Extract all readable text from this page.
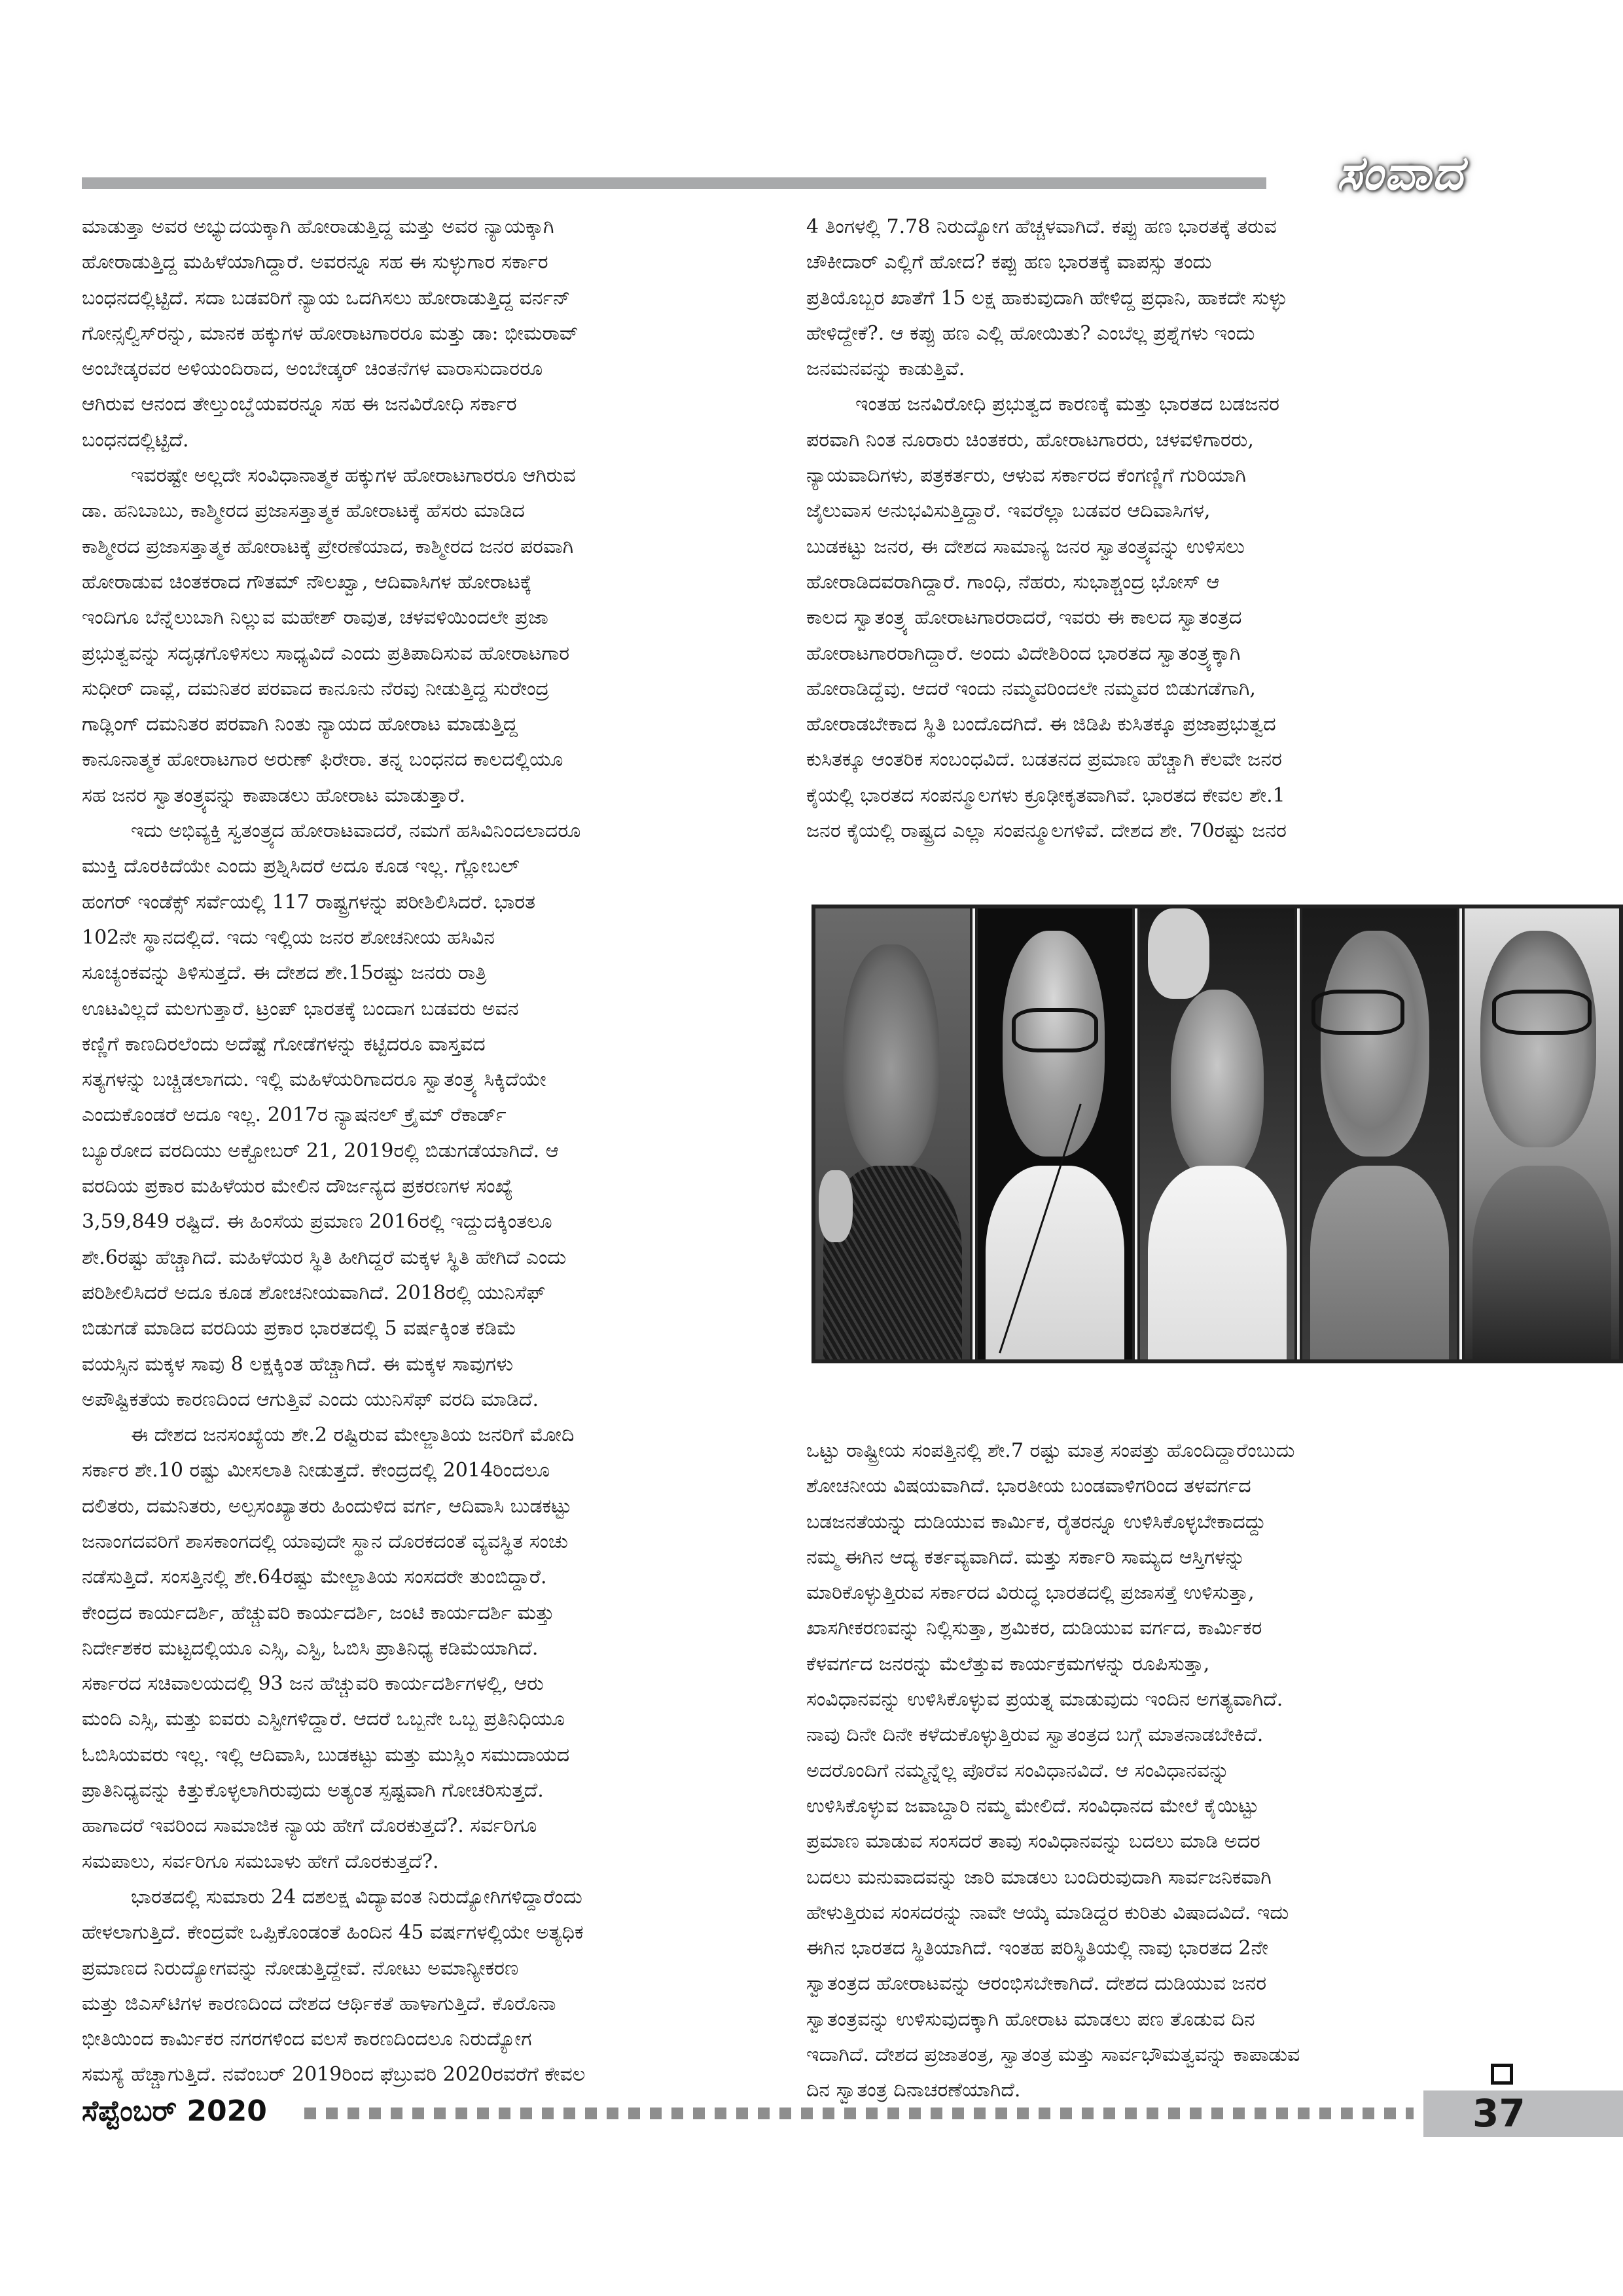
ಸಂವಾದ

ಮಾಡುತ್ತಾ ಅವರ ಅಭ್ಯುದಯಕ್ಕಾಗಿ ಹೋರಾಡುತ್ತಿದ್ದ ಮತ್ತು ಅವರ ನ್ಯಾಯಕ್ಕಾಗಿ
ಹೋರಾಡುತ್ತಿದ್ದ ಮಹಿಳೆಯಾಗಿದ್ದಾರೆ. ಅವರನ್ನೂ ಸಹ ಈ ಸುಳ್ಳುಗಾರ ಸರ್ಕಾರ
ಬಂಧನದಲ್ಲಿಟ್ಟಿದೆ. ಸದಾ ಬಡವರಿಗೆ ನ್ಯಾಯ ಒದಗಿಸಲು ಹೋರಾಡುತ್ತಿದ್ದ ವರ್ನನ್
ಗೋನ್ಸಲ್ವಿಸ್‌ರನ್ನು, ಮಾನಕ ಹಕ್ಕುಗಳ ಹೋರಾಟಗಾರರೂ ಮತ್ತು ಡಾ: ಭೀಮರಾವ್
ಅಂಬೇಡ್ಕರವರ ಅಳಿಯಂದಿರಾದ, ಅಂಬೇಡ್ಕರ್ ಚಿಂತನೆಗಳ ವಾರಾಸುದಾರರೂ
ಆಗಿರುವ ಆನಂದ ತೇಲ್ತುಂಬ್ಡೆಯವರನ್ನೂ ಸಹ ಈ ಜನವಿರೋಧಿ ಸರ್ಕಾರ
ಬಂಧನದಲ್ಲಿಟ್ಟಿದೆ.

ಇವರಷ್ಟೇ ಅಲ್ಲದೇ ಸಂವಿಧಾನಾತ್ಮಕ ಹಕ್ಕುಗಳ ಹೋರಾಟಗಾರರೂ ಆಗಿರುವ
ಡಾ. ಹನಿಬಾಬು, ಕಾಶ್ಮೀರದ ಪ್ರಜಾಸತ್ತಾತ್ಮಕ ಹೋರಾಟಕ್ಕೆ ಹೆಸರು ಮಾಡಿದ
ಕಾಶ್ಮೀರದ ಪ್ರಜಾಸತ್ತಾತ್ಮಕ ಹೋರಾಟಕ್ಕೆ ಪ್ರೇರಣೆಯಾದ, ಕಾಶ್ಮೀರದ ಜನರ ಪರವಾಗಿ
ಹೋರಾಡುವ ಚಿಂತಕರಾದ ಗೌತಮ್ ನೌಲಖ್ವಾ, ಆದಿವಾಸಿಗಳ ಹೋರಾಟಕ್ಕೆ
ಇಂದಿಗೂ ಬೆನ್ನೆಲುಬಾಗಿ ನಿಲ್ಲುವ ಮಹೇಶ್ ರಾವುತ, ಚಳವಳಿಯಿಂದಲೇ ಪ್ರಜಾ
ಪ್ರಭುತ್ವವನ್ನು ಸದೃಢಗೊಳಿಸಲು ಸಾಧ್ಯವಿದೆ ಎಂದು ಪ್ರತಿಪಾದಿಸುವ ಹೋರಾಟಗಾರ
ಸುಧೀರ್ ದಾವ್ಲೆ, ದಮನಿತರ ಪರವಾದ ಕಾನೂನು ನೆರವು ನೀಡುತ್ತಿದ್ದ ಸುರೇಂದ್ರ
ಗಾಡ್ಲಿಂಗ್ ದಮನಿತರ ಪರವಾಗಿ ನಿಂತು ನ್ಯಾಯದ ಹೋರಾಟ ಮಾಡುತ್ತಿದ್ದ
ಕಾನೂನಾತ್ಮಕ ಹೋರಾಟಗಾರ ಅರುಣ್ ಫಿರೇರಾ. ತನ್ನ ಬಂಧನದ ಕಾಲದಲ್ಲಿಯೂ
ಸಹ ಜನರ ಸ್ವಾತಂತ್ರ್ಯವನ್ನು ಕಾಪಾಡಲು ಹೋರಾಟ ಮಾಡುತ್ತಾರೆ.

ಇದು ಅಭಿವ್ಯಕ್ತಿ ಸ್ವತಂತ್ರ್ಯದ ಹೋರಾಟವಾದರೆ, ನಮಗೆ ಹಸಿವಿನಿಂದಲಾದರೂ
ಮುಕ್ತಿ ದೊರಕಿದೆಯೇ ಎಂದು ಪ್ರಶ್ನಿಸಿದರೆ ಅದೂ ಕೂಡ ಇಲ್ಲ. ಗ್ಲೋಬಲ್
ಹಂಗರ್ ಇಂಡೆಕ್ಸ್ ಸರ್ವೆಯಲ್ಲಿ 117 ರಾಷ್ಟ್ರಗಳನ್ನು ಪರೀಶಿಲಿಸಿದರೆ. ಭಾರತ
102ನೇ ಸ್ಥಾನದಲ್ಲಿದೆ. ಇದು ಇಲ್ಲಿಯ ಜನರ ಶೋಚನೀಯ ಹಸಿವಿನ
ಸೂಚ್ಯಂಕವನ್ನು ತಿಳಿಸುತ್ತದೆ. ಈ ದೇಶದ ಶೇ.15ರಷ್ಟು ಜನರು ರಾತ್ರಿ
ಊಟವಿಲ್ಲದೆ ಮಲಗುತ್ತಾರೆ. ಟ್ರಂಪ್ ಭಾರತಕ್ಕೆ ಬಂದಾಗ ಬಡವರು ಅವನ
ಕಣ್ಣಿಗೆ ಕಾಣದಿರಲೆಂದು ಅದೆಷ್ಟೆ ಗೋಡೆಗಳನ್ನು ಕಟ್ಟಿದರೂ ವಾಸ್ತವದ
ಸತ್ಯಗಳನ್ನು ಬಚ್ಚಿಡಲಾಗದು. ಇಲ್ಲಿ ಮಹಿಳೆಯರಿಗಾದರೂ ಸ್ವಾತಂತ್ರ್ಯ ಸಿಕ್ಕಿದೆಯೇ
ಎಂದುಕೊಂಡರೆ ಅದೂ ಇಲ್ಲ. 2017ರ ನ್ಯಾಷನಲ್ ಕ್ರೈಮ್ ರೆಕಾರ್ಡ್
ಬ್ಯೂರೋದ ವರದಿಯು ಅಕ್ಟೋಬರ್ 21, 2019ರಲ್ಲಿ ಬಿಡುಗಡೆಯಾಗಿದೆ. ಆ
ವರದಿಯ ಪ್ರಕಾರ ಮಹಿಳೆಯರ ಮೇಲಿನ ದೌರ್ಜನ್ಯದ ಪ್ರಕರಣಗಳ ಸಂಖ್ಯೆ
3,59,849 ರಷ್ಟಿದೆ. ಈ ಹಿಂಸೆಯ ಪ್ರಮಾಣ 2016ರಲ್ಲಿ ಇದ್ದುದಕ್ಕಿಂತಲೂ
ಶೇ.6ರಷ್ಟು ಹೆಚ್ಚಾಗಿದೆ. ಮಹಿಳೆಯರ ಸ್ಥಿತಿ ಹೀಗಿದ್ದರೆ ಮಕ್ಕಳ ಸ್ಥಿತಿ ಹೇಗಿದೆ ಎಂದು
ಪರಿಶೀಲಿಸಿದರೆ ಅದೂ ಕೂಡ ಶೋಚನೀಯವಾಗಿದೆ. 2018ರಲ್ಲಿ ಯುನಿಸೆಫ್
ಬಿಡುಗಡೆ ಮಾಡಿದ ವರದಿಯ ಪ್ರಕಾರ ಭಾರತದಲ್ಲಿ 5 ವರ್ಷಕ್ಕಿಂತ ಕಡಿಮೆ
ವಯಸ್ಸಿನ ಮಕ್ಕಳ ಸಾವು 8 ಲಕ್ಷಕ್ಕಿಂತ ಹೆಚ್ಚಾಗಿದೆ. ಈ ಮಕ್ಕಳ ಸಾವುಗಳು
ಅಪೌಷ್ಟಿಕತೆಯ ಕಾರಣದಿಂದ ಆಗುತ್ತಿವೆ ಎಂದು ಯುನಿಸೆಫ್ ವರದಿ ಮಾಡಿದೆ.

ಈ ದೇಶದ ಜನಸಂಖ್ಯೆಯ ಶೇ.2 ರಷ್ಟಿರುವ ಮೇಲ್ಜಾತಿಯ ಜನರಿಗೆ ಮೋದಿ
ಸರ್ಕಾರ ಶೇ.10 ರಷ್ಟು ಮೀಸಲಾತಿ ನೀಡುತ್ತದೆ. ಕೇಂದ್ರದಲ್ಲಿ 2014ರಿಂದಲೂ
ದಲಿತರು, ದಮನಿತರು, ಅಲ್ಪಸಂಖ್ಯಾತರು ಹಿಂದುಳಿದ ವರ್ಗ, ಆದಿವಾಸಿ ಬುಡಕಟ್ಟು
ಜನಾಂಗದವರಿಗೆ ಶಾಸಕಾಂಗದಲ್ಲಿ ಯಾವುದೇ ಸ್ಥಾನ ದೊರಕದಂತೆ ವ್ಯವಸ್ಥಿತ ಸಂಚು
ನಡೆಸುತ್ತಿದೆ. ಸಂಸತ್ತಿನಲ್ಲಿ ಶೇ.64ರಷ್ಟು ಮೇಲ್ಜಾತಿಯ ಸಂಸದರೇ ತುಂಬಿದ್ದಾರೆ.
ಕೇಂದ್ರದ ಕಾರ್ಯದರ್ಶಿ, ಹೆಚ್ಚುವರಿ ಕಾರ್ಯದರ್ಶಿ, ಜಂಟಿ ಕಾರ್ಯದರ್ಶಿ ಮತ್ತು
ನಿರ್ದೇಶಕರ ಮಟ್ಟದಲ್ಲಿಯೂ ಎಸ್ಸಿ, ಎಸ್ಟಿ, ಓಬಿಸಿ ಪ್ರಾತಿನಿಧ್ಯ ಕಡಿಮೆಯಾಗಿದೆ.
ಸರ್ಕಾರದ ಸಚಿವಾಲಯದಲ್ಲಿ 93 ಜನ ಹೆಚ್ಚುವರಿ ಕಾರ್ಯದರ್ಶಿಗಳಲ್ಲಿ, ಆರು
ಮಂದಿ ಎಸ್ಸಿ, ಮತ್ತು ಐವರು ಎಸ್ಟೀಗಳಿದ್ದಾರೆ. ಆದರೆ ಒಬ್ಬನೇ ಒಬ್ಬ ಪ್ರತಿನಿಧಿಯೂ
ಓಬಿಸಿಯವರು ಇಲ್ಲ. ಇಲ್ಲಿ ಆದಿವಾಸಿ, ಬುಡಕಟ್ಟು ಮತ್ತು ಮುಸ್ಲಿಂ ಸಮುದಾಯದ
ಪ್ರಾತಿನಿಧ್ಯವನ್ನು ಕಿತ್ತುಕೊಳ್ಳಲಾಗಿರುವುದು ಅತ್ಯಂತ ಸ್ಪಷ್ಟವಾಗಿ ಗೋಚರಿಸುತ್ತದೆ.
ಹಾಗಾದರೆ ಇವರಿಂದ ಸಾಮಾಜಿಕ ನ್ಯಾಯ ಹೇಗೆ ದೊರಕುತ್ತದೆ?. ಸರ್ವರಿಗೂ
ಸಮಪಾಲು, ಸರ್ವರಿಗೂ ಸಮಬಾಳು ಹೇಗೆ ದೊರಕುತ್ತದೆ?.

ಭಾರತದಲ್ಲಿ ಸುಮಾರು 24 ದಶಲಕ್ಷ ವಿದ್ಯಾವಂತ ನಿರುದ್ಯೋಗಿಗಳಿದ್ದಾರೆಂದು
ಹೇಳಲಾಗುತ್ತಿದೆ. ಕೇಂದ್ರವೇ ಒಪ್ಪಿಕೊಂಡಂತೆ ಹಿಂದಿನ 45 ವರ್ಷಗಳಲ್ಲಿಯೇ ಅತ್ಯಧಿಕ
ಪ್ರಮಾಣದ ನಿರುದ್ಯೋಗವನ್ನು ನೋಡುತ್ತಿದ್ದೇವೆ. ನೋಟು ಅಮಾನ್ಯೀಕರಣ
ಮತ್ತು ಜಿಎಸ್‌ಟಿಗಳ ಕಾರಣದಿಂದ ದೇಶದ ಆರ್ಥಿಕತೆ ಹಾಳಾಗುತ್ತಿದೆ. ಕೊರೊನಾ
ಭೀತಿಯಿಂದ ಕಾರ್ಮಿಕರ ನಗರಗಳಿಂದ ವಲಸೆ ಕಾರಣದಿಂದಲೂ ನಿರುದ್ಯೋಗ
ಸಮಸ್ಯೆ ಹೆಚ್ಚಾಗುತ್ತಿದೆ. ನವೆಂಬರ್ 2019ರಿಂದ ಫೆಬ್ರುವರಿ 2020ರವರೆಗೆ ಕೇವಲ

4 ತಿಂಗಳಲ್ಲಿ 7.78 ನಿರುದ್ಯೋಗ ಹೆಚ್ಚಳವಾಗಿದೆ. ಕಪ್ಪು ಹಣ ಭಾರತಕ್ಕೆ ತರುವ
ಚೌಕೀದಾರ್ ಎಲ್ಲಿಗೆ ಹೋದ? ಕಪ್ಪು ಹಣ ಭಾರತಕ್ಕೆ ವಾಪಸ್ಸು ತಂದು
ಪ್ರತಿಯೊಬ್ಬರ ಖಾತೆಗೆ 15 ಲಕ್ಷ ಹಾಕುವುದಾಗಿ ಹೇಳಿದ್ದ ಪ್ರಧಾನಿ, ಹಾಕದೇ ಸುಳ್ಳು
ಹೇಳಿದ್ದೇಕೆ?. ಆ ಕಪ್ಪು ಹಣ ಎಲ್ಲಿ ಹೋಯಿತು? ಎಂಬೆಲ್ಲ ಪ್ರಶ್ನೆಗಳು ಇಂದು
ಜನಮನವನ್ನು ಕಾಡುತ್ತಿವೆ.

ಇಂತಹ ಜನವಿರೋಧಿ ಪ್ರಭುತ್ವದ ಕಾರಣಕ್ಕೆ ಮತ್ತು ಭಾರತದ ಬಡಜನರ
ಪರವಾಗಿ ನಿಂತ ನೂರಾರು ಚಿಂತಕರು, ಹೋರಾಟಗಾರರು, ಚಳವಳಿಗಾರರು,
ನ್ಯಾಯವಾದಿಗಳು, ಪತ್ರಕರ್ತರು, ಆಳುವ ಸರ್ಕಾರದ ಕೆಂಗಣ್ಣಿಗೆ ಗುರಿಯಾಗಿ
ಜೈಲುವಾಸ ಅನುಭವಿಸುತ್ತಿದ್ದಾರೆ. ಇವರೆಲ್ಲಾ ಬಡವರ ಆದಿವಾಸಿಗಳ,
ಬುಡಕಟ್ಟು ಜನರ, ಈ ದೇಶದ ಸಾಮಾನ್ಯ ಜನರ ಸ್ವಾತಂತ್ರ್ಯವನ್ನು ಉಳಿಸಲು
ಹೋರಾಡಿದವರಾಗಿದ್ದಾರೆ. ಗಾಂಧಿ, ನೆಹರು, ಸುಭಾಶ್ಚಂದ್ರ ಭೋಸ್ ಆ
ಕಾಲದ ಸ್ವಾತಂತ್ರ್ಯ ಹೋರಾಟಗಾರರಾದರೆ, ಇವರು ಈ ಕಾಲದ ಸ್ವಾತಂತ್ರದ
ಹೋರಾಟಗಾರರಾಗಿದ್ದಾರೆ. ಅಂದು ವಿದೇಶಿರಿಂದ ಭಾರತದ ಸ್ವಾತಂತ್ರ್ಯಕ್ಕಾಗಿ
ಹೋರಾಡಿದ್ದೆವು. ಆದರೆ ಇಂದು ನಮ್ಮವರಿಂದಲೇ ನಮ್ಮವರ ಬಿಡುಗಡೆಗಾಗಿ,
ಹೋರಾಡಬೇಕಾದ ಸ್ಥಿತಿ ಬಂದೊದಗಿದೆ. ಈ ಜಿಡಿಪಿ ಕುಸಿತಕ್ಕೂ ಪ್ರಜಾಪ್ರಭುತ್ವದ
ಕುಸಿತಕ್ಕೂ ಆಂತರಿಕ ಸಂಬಂಧವಿದೆ. ಬಡತನದ ಪ್ರಮಾಣ ಹೆಚ್ಚಾಗಿ ಕೆಲವೇ ಜನರ
ಕೈಯಲ್ಲಿ ಭಾರತದ ಸಂಪನ್ಮೂಲಗಳು ಕ್ರೂಢೀಕೃತವಾಗಿವೆ. ಭಾರತದ ಕೇವಲ ಶೇ.1
ಜನರ ಕೈಯಲ್ಲಿ ರಾಷ್ಟ್ರದ ಎಲ್ಲಾ ಸಂಪನ್ಮೂಲಗಳಿವೆ. ದೇಶದ ಶೇ. 70ರಷ್ಟು ಜನರ

ಒಟ್ಟು ರಾಷ್ಟ್ರೀಯ ಸಂಪತ್ತಿನಲ್ಲಿ ಶೇ.7 ರಷ್ಟು ಮಾತ್ರ ಸಂಪತ್ತು ಹೊಂದಿದ್ದಾರೆಂಬುದು
ಶೋಚನೀಯ ವಿಷಯವಾಗಿದೆ. ಭಾರತೀಯ ಬಂಡವಾಳಿಗರಿಂದ ತಳವರ್ಗದ
ಬಡಜನತೆಯನ್ನು ದುಡಿಯುವ ಕಾರ್ಮಿಕ, ರೈತರನ್ನೂ ಉಳಿಸಿಕೊಳ್ಳಬೇಕಾದದ್ದು
ನಮ್ಮ ಈಗಿನ ಆದ್ಯ ಕರ್ತವ್ಯವಾಗಿದೆ. ಮತ್ತು ಸರ್ಕಾರಿ ಸಾಮ್ಯದ ಆಸ್ತಿಗಳನ್ನು
ಮಾರಿಕೊಳ್ಳುತ್ತಿರುವ ಸರ್ಕಾರದ ವಿರುದ್ಧ ಭಾರತದಲ್ಲಿ ಪ್ರಜಾಸತ್ತೆ ಉಳಿಸುತ್ತಾ,
ಖಾಸಗೀಕರಣವನ್ನು ನಿಲ್ಲಿಸುತ್ತಾ, ಶ್ರಮಿಕರ, ದುಡಿಯುವ ವರ್ಗದ, ಕಾರ್ಮಿಕರ
ಕೆಳವರ್ಗದ ಜನರನ್ನು ಮೆಲೆತ್ತುವ ಕಾರ್ಯಕ್ರಮಗಳನ್ನು ರೂಪಿಸುತ್ತಾ,
ಸಂವಿಧಾನವನ್ನು ಉಳಿಸಿಕೊಳ್ಳುವ ಪ್ರಯತ್ನ ಮಾಡುವುದು ಇಂದಿನ ಅಗತ್ಯವಾಗಿದೆ.
ನಾವು ದಿನೇ ದಿನೇ ಕಳೆದುಕೊಳ್ಳುತ್ತಿರುವ ಸ್ವಾತಂತ್ರದ ಬಗ್ಗೆ ಮಾತನಾಡಬೇಕಿದೆ.
ಅದರೊಂದಿಗೆ ನಮ್ಮನ್ನೆಲ್ಲ ಪೊರೆವ ಸಂವಿಧಾನವಿದೆ. ಆ ಸಂವಿಧಾನವನ್ನು
ಉಳಿಸಿಕೊಳ್ಳುವ ಜವಾಬ್ದಾರಿ ನಮ್ಮ ಮೇಲಿದೆ. ಸಂವಿಧಾನದ ಮೇಲೆ ಕೈಯಿಟ್ಟು
ಪ್ರಮಾಣ ಮಾಡುವ ಸಂಸದರೆ ತಾವು ಸಂವಿಧಾನವನ್ನು ಬದಲು ಮಾಡಿ ಅದರ
ಬದಲು ಮನುವಾದವನ್ನು ಜಾರಿ ಮಾಡಲು ಬಂದಿರುವುದಾಗಿ ಸಾರ್ವಜನಿಕವಾಗಿ
ಹೇಳುತ್ತಿರುವ ಸಂಸದರನ್ನು ನಾವೇ ಆಯ್ಕೆ ಮಾಡಿದ್ದರ ಕುರಿತು ವಿಷಾದವಿದೆ. ಇದು
ಈಗಿನ ಭಾರತದ ಸ್ಥಿತಿಯಾಗಿದೆ. ಇಂತಹ ಪರಿಸ್ಥಿತಿಯಲ್ಲಿ ನಾವು ಭಾರತದ 2ನೇ
ಸ್ವಾತಂತ್ರದ ಹೋರಾಟವನ್ನು ಆರಂಭಿಸಬೇಕಾಗಿದೆ. ದೇಶದ ದುಡಿಯುವ ಜನರ
ಸ್ವಾತಂತ್ರವನ್ನು ಉಳಿಸುವುದಕ್ಕಾಗಿ ಹೋರಾಟ ಮಾಡಲು ಪಣ ತೊಡುವ ದಿನ
ಇದಾಗಿದೆ. ದೇಶದ ಪ್ರಜಾತಂತ್ರ, ಸ್ವಾತಂತ್ರ ಮತ್ತು ಸಾರ್ವಭೌಮತ್ವವನ್ನು ಕಾಪಾಡುವ
ದಿನ ಸ್ವಾತಂತ್ರ ದಿನಾಚರಣೆಯಾಗಿದೆ.

ಸೆಪ್ಟೆಂಬರ್ 2020	37
